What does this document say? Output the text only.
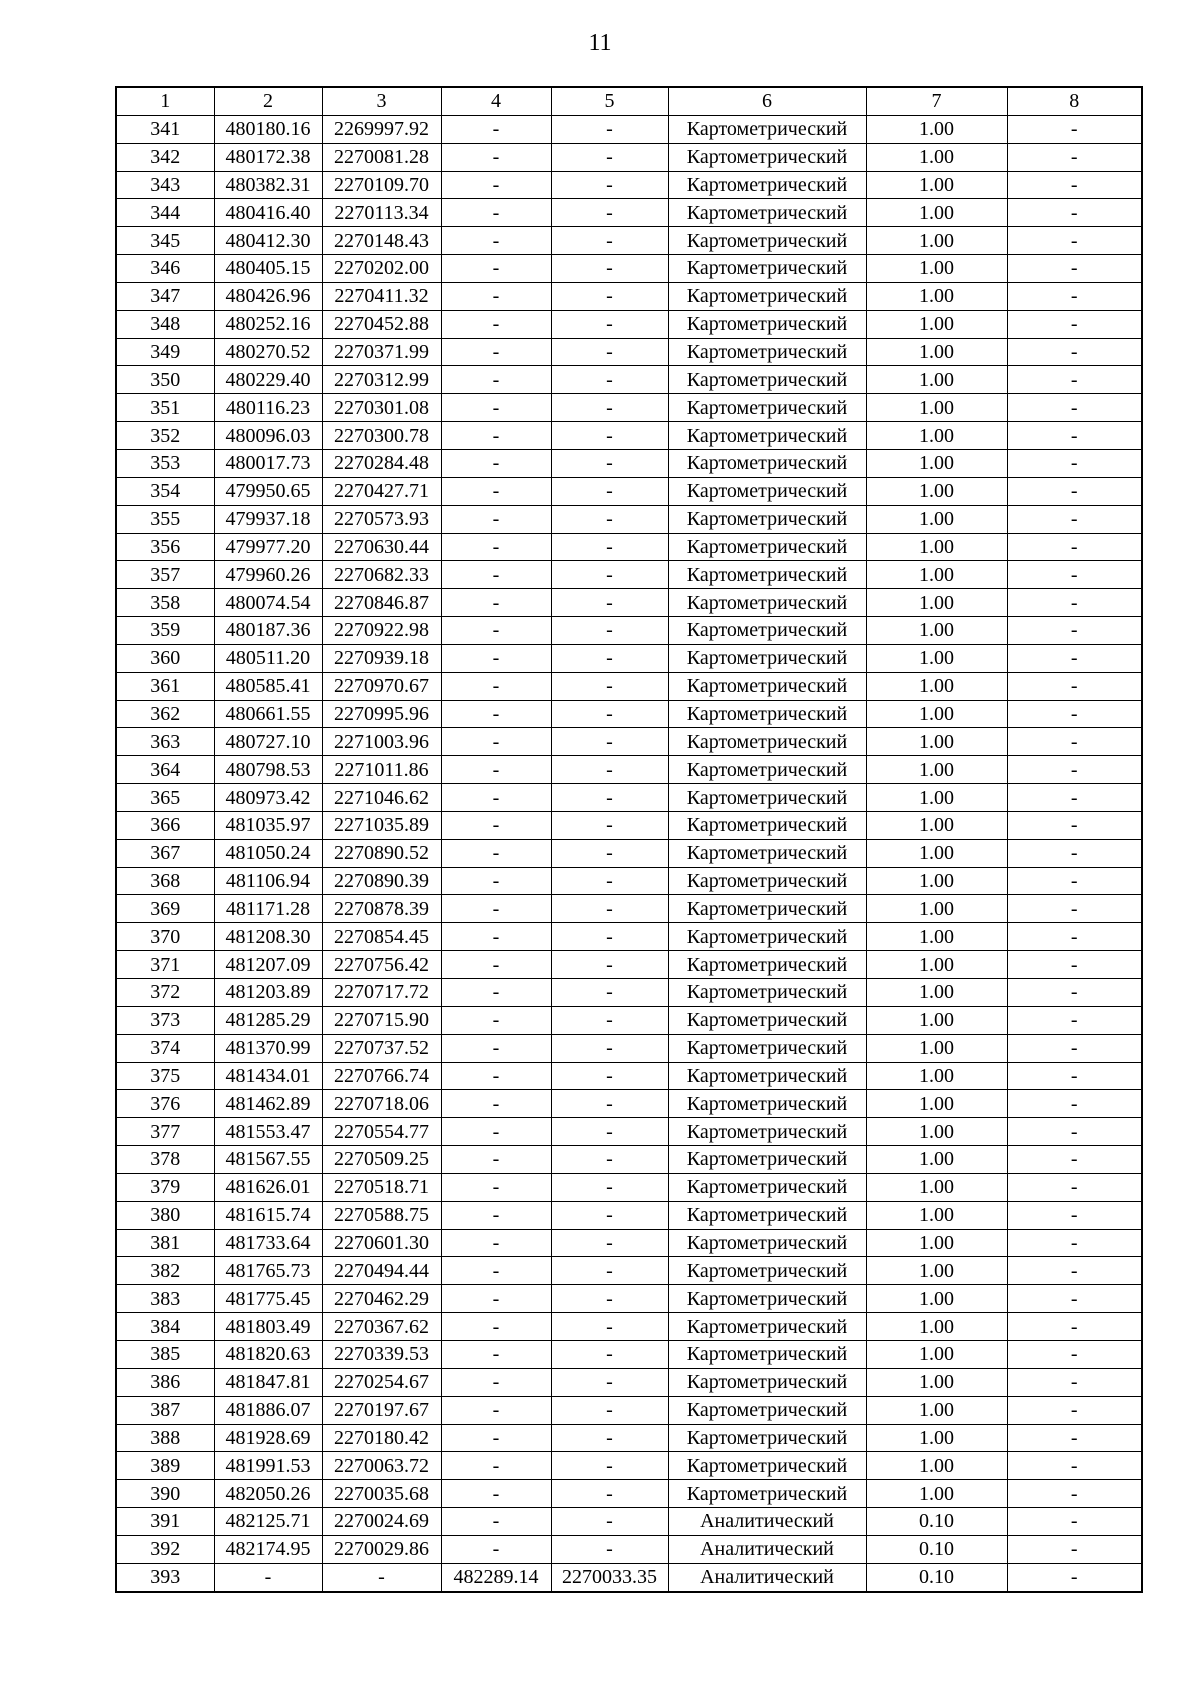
11
1	2	3	4	5	6	7	8
341	480180.16	2269997.92	-	-	Картометрический	1.00	-
342	480172.38	2270081.28	-	-	Картометрический	1.00	-
343	480382.31	2270109.70	-	-	Картометрический	1.00	-
344	480416.40	2270113.34	-	-	Картометрический	1.00	-
345	480412.30	2270148.43	-	-	Картометрический	1.00	-
346	480405.15	2270202.00	-	-	Картометрический	1.00	-
347	480426.96	2270411.32	-	-	Картометрический	1.00	-
348	480252.16	2270452.88	-	-	Картометрический	1.00	-
349	480270.52	2270371.99	-	-	Картометрический	1.00	-
350	480229.40	2270312.99	-	-	Картометрический	1.00	-
351	480116.23	2270301.08	-	-	Картометрический	1.00	-
352	480096.03	2270300.78	-	-	Картометрический	1.00	-
353	480017.73	2270284.48	-	-	Картометрический	1.00	-
354	479950.65	2270427.71	-	-	Картометрический	1.00	-
355	479937.18	2270573.93	-	-	Картометрический	1.00	-
356	479977.20	2270630.44	-	-	Картометрический	1.00	-
357	479960.26	2270682.33	-	-	Картометрический	1.00	-
358	480074.54	2270846.87	-	-	Картометрический	1.00	-
359	480187.36	2270922.98	-	-	Картометрический	1.00	-
360	480511.20	2270939.18	-	-	Картометрический	1.00	-
361	480585.41	2270970.67	-	-	Картометрический	1.00	-
362	480661.55	2270995.96	-	-	Картометрический	1.00	-
363	480727.10	2271003.96	-	-	Картометрический	1.00	-
364	480798.53	2271011.86	-	-	Картометрический	1.00	-
365	480973.42	2271046.62	-	-	Картометрический	1.00	-
366	481035.97	2271035.89	-	-	Картометрический	1.00	-
367	481050.24	2270890.52	-	-	Картометрический	1.00	-
368	481106.94	2270890.39	-	-	Картометрический	1.00	-
369	481171.28	2270878.39	-	-	Картометрический	1.00	-
370	481208.30	2270854.45	-	-	Картометрический	1.00	-
371	481207.09	2270756.42	-	-	Картометрический	1.00	-
372	481203.89	2270717.72	-	-	Картометрический	1.00	-
373	481285.29	2270715.90	-	-	Картометрический	1.00	-
374	481370.99	2270737.52	-	-	Картометрический	1.00	-
375	481434.01	2270766.74	-	-	Картометрический	1.00	-
376	481462.89	2270718.06	-	-	Картометрический	1.00	-
377	481553.47	2270554.77	-	-	Картометрический	1.00	-
378	481567.55	2270509.25	-	-	Картометрический	1.00	-
379	481626.01	2270518.71	-	-	Картометрический	1.00	-
380	481615.74	2270588.75	-	-	Картометрический	1.00	-
381	481733.64	2270601.30	-	-	Картометрический	1.00	-
382	481765.73	2270494.44	-	-	Картометрический	1.00	-
383	481775.45	2270462.29	-	-	Картометрический	1.00	-
384	481803.49	2270367.62	-	-	Картометрический	1.00	-
385	481820.63	2270339.53	-	-	Картометрический	1.00	-
386	481847.81	2270254.67	-	-	Картометрический	1.00	-
387	481886.07	2270197.67	-	-	Картометрический	1.00	-
388	481928.69	2270180.42	-	-	Картометрический	1.00	-
389	481991.53	2270063.72	-	-	Картометрический	1.00	-
390	482050.26	2270035.68	-	-	Картометрический	1.00	-
391	482125.71	2270024.69	-	-	Аналитический	0.10	-
392	482174.95	2270029.86	-	-	Аналитический	0.10	-
393	-	-	482289.14	2270033.35	Аналитический	0.10	-
